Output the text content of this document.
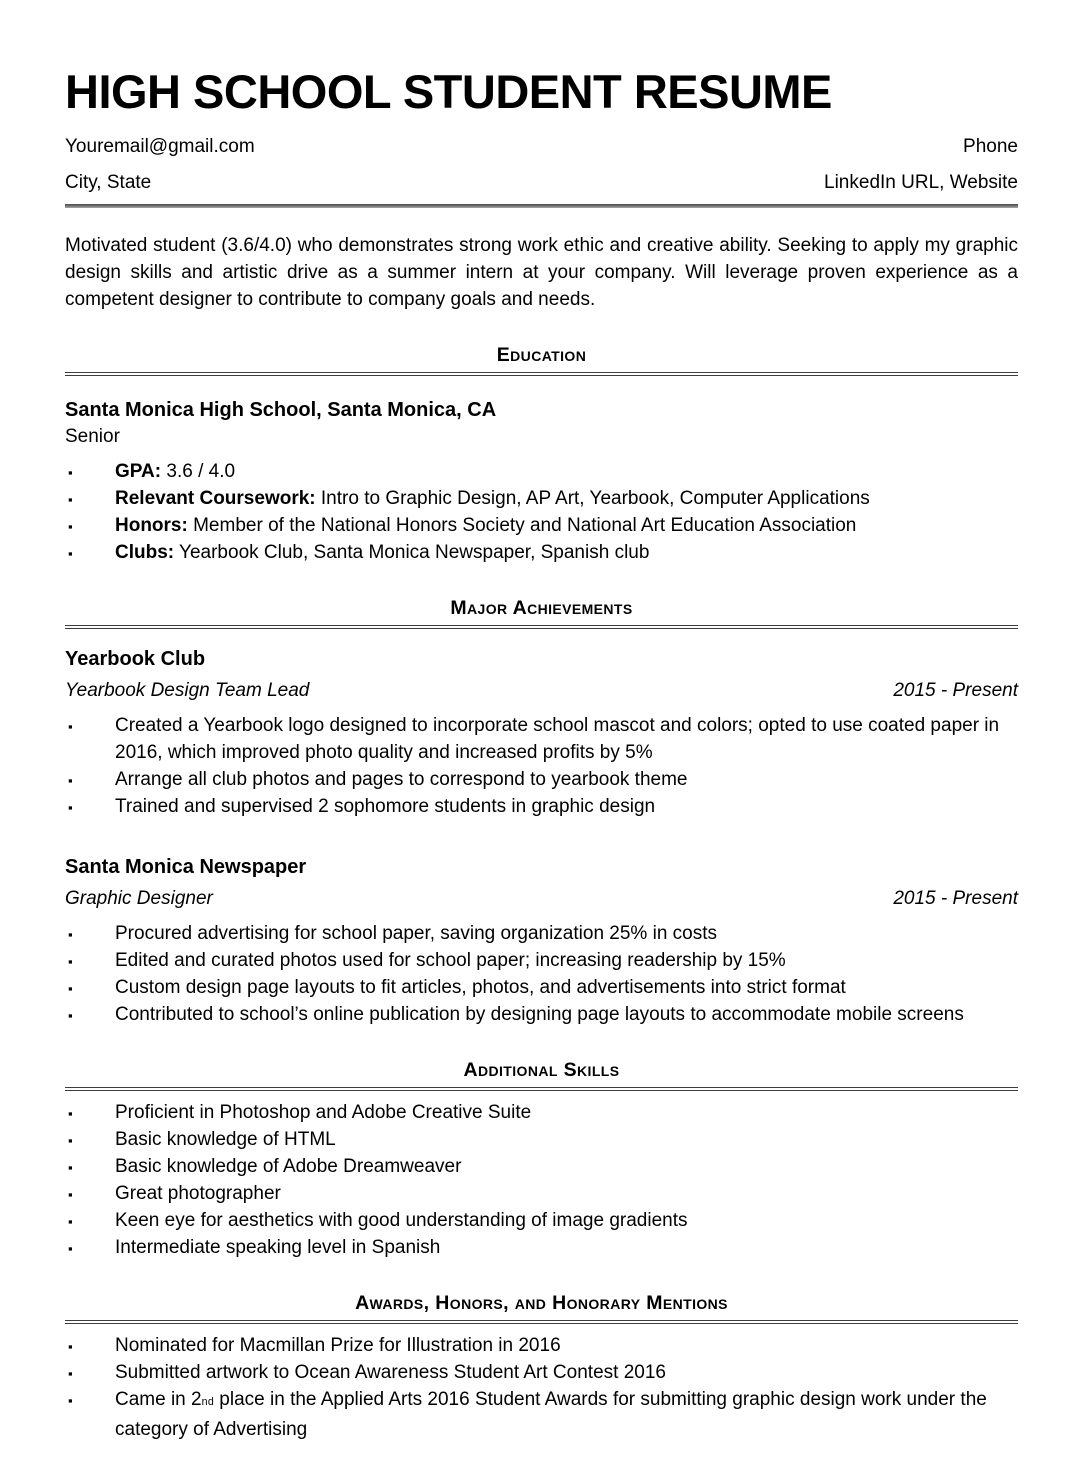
HIGH SCHOOL STUDENT RESUME
Youremail@gmail.com	Phone
City, State	LinkedIn URL, Website

Motivated student (3.6/4.0) who demonstrates strong work ethic and creative ability. Seeking to apply my graphic design skills and artistic drive as a summer intern at your company. Will leverage proven experience as a competent designer to contribute to company goals and needs.

Education
Santa Monica High School, Santa Monica, CA
Senior
▪ GPA: 3.6 / 4.0
▪ Relevant Coursework: Intro to Graphic Design, AP Art, Yearbook, Computer Applications
▪ Honors: Member of the National Honors Society and National Art Education Association
▪ Clubs: Yearbook Club, Santa Monica Newspaper, Spanish club
Major Achievements
Yearbook Club
Yearbook Design Team Lead	2015 - Present
▪ Created a Yearbook logo designed to incorporate school mascot and colors; opted to use coated paper in 2016, which improved photo quality and increased profits by 5%
▪ Arrange all club photos and pages to correspond to yearbook theme
▪ Trained and supervised 2 sophomore students in graphic design
Santa Monica Newspaper
Graphic Designer	2015 - Present
▪ Procured advertising for school paper, saving organization 25% in costs
▪ Edited and curated photos used for school paper; increasing readership by 15%
▪ Custom design page layouts to fit articles, photos, and advertisements into strict format
▪ Contributed to school’s online publication by designing page layouts to accommodate mobile screens
Additional Skills
▪ Proficient in Photoshop and Adobe Creative Suite
▪ Basic knowledge of HTML
▪ Basic knowledge of Adobe Dreamweaver
▪ Great photographer
▪ Keen eye for aesthetics with good understanding of image gradients
▪ Intermediate speaking level in Spanish
Awards, Honors, and Honorary Mentions
▪ Nominated for Macmillan Prize for Illustration in 2016
▪ Submitted artwork to Ocean Awareness Student Art Contest 2016
▪ Came in 2nd place in the Applied Arts 2016 Student Awards for submitting graphic design work under the category of Advertising
